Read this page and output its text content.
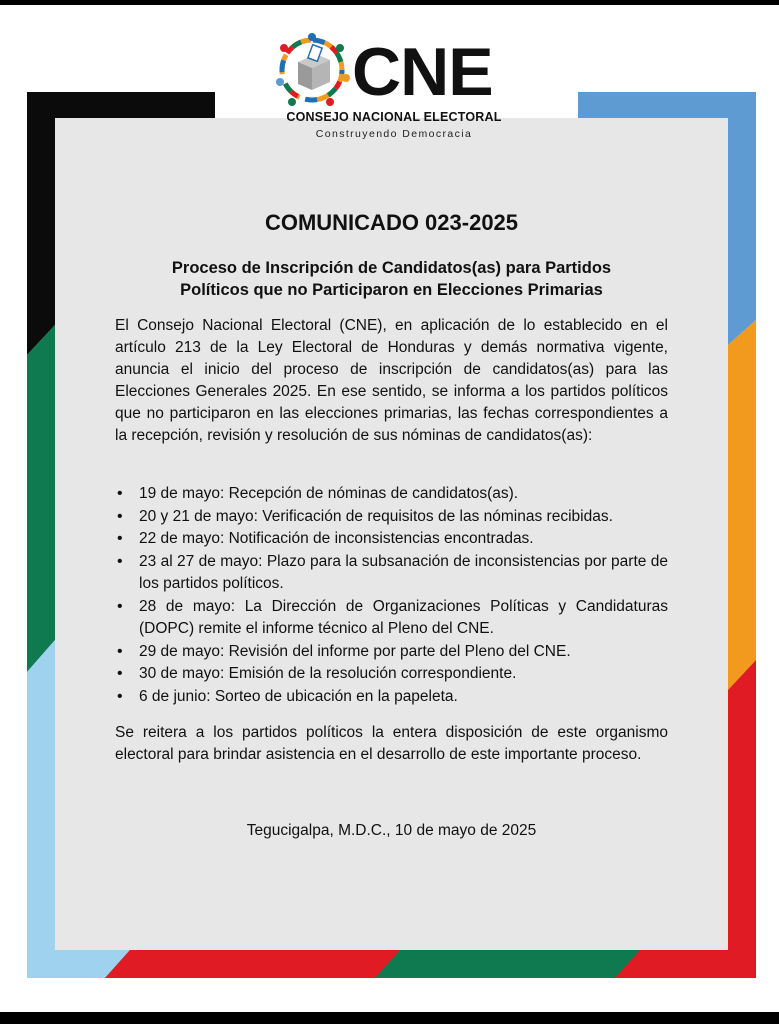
CNE
CONSEJO NACIONAL ELECTORAL
Construyendo Democracia
COMUNICADO 023-2025
Proceso de Inscripción de Candidatos(as) para Partidos
Políticos que no Participaron en Elecciones Primarias
El Consejo Nacional Electoral (CNE), en aplicación de lo establecido en el artículo 213 de la Ley Electoral de Honduras y demás normativa vigente, anuncia el inicio del proceso de inscripción de candidatos(as) para las Elecciones Generales 2025. En ese sentido, se informa a los partidos políticos que no participaron en las elecciones primarias, las fechas correspondientes a la recepción, revisión y resolución de sus nóminas de candidatos(as):
• 19 de mayo: Recepción de nóminas de candidatos(as).
• 20 y 21 de mayo: Verificación de requisitos de las nóminas recibidas.
• 22 de mayo: Notificación de inconsistencias encontradas.
• 23 al 27 de mayo: Plazo para la subsanación de inconsistencias por parte de los partidos políticos.
• 28 de mayo: La Dirección de Organizaciones Políticas y Candidaturas (DOPC) remite el informe técnico al Pleno del CNE.
• 29 de mayo: Revisión del informe por parte del Pleno del CNE.
• 30 de mayo: Emisión de la resolución correspondiente.
• 6 de junio: Sorteo de ubicación en la papeleta.
Se reitera a los partidos políticos la entera disposición de este organismo electoral para brindar asistencia en el desarrollo de este importante proceso.
Tegucigalpa, M.D.C., 10 de mayo de 2025
